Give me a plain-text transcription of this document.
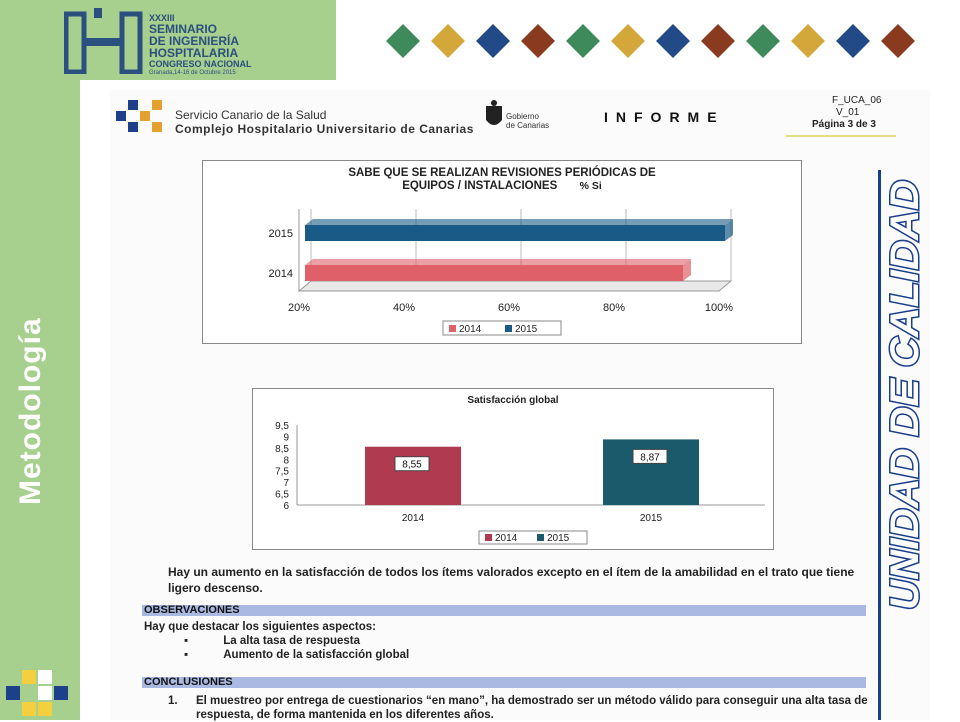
XXXIII
SEMINARIO
DE INGENIERÍA
HOSPITALARIA
CONGRESO NACIONAL
Granada,14-16 de Octubre 2015
Metodología
Servicio Canario de la Salud
Complejo Hospitalario Universitario de Canarias
Gobierno
de Canarias
INFORME
F_UCA_06
V_01
Página 3 de 3
SABE QUE SE REALIZAN REVISIONES PERIÓDICAS DE
EQUIPOS / INSTALACIONES % Si
20%	40%	60%	80%	100%
2015
2014
2014	2015
Satisfacción global
9,5
9
8,5
8
7,5
7
6,5
6
8,55
2014
8,87
2015
2014	2015
Hay un aumento en la satisfacción de todos los ítems valorados excepto en el ítem de la amabilidad en el trato que tiene ligero descenso.
OBSERVACIONES
Hay que destacar los siguientes aspectos:
▪           La alta tasa de respuesta
▪           Aumento de la satisfacción global
CONCLUSIONES
1. El muestreo por entrega de cuestionarios “en mano”, ha demostrado ser un método válido para conseguir una alta tasa de respuesta, de forma mantenida en los diferentes años.
UNIDAD DE CALIDAD
